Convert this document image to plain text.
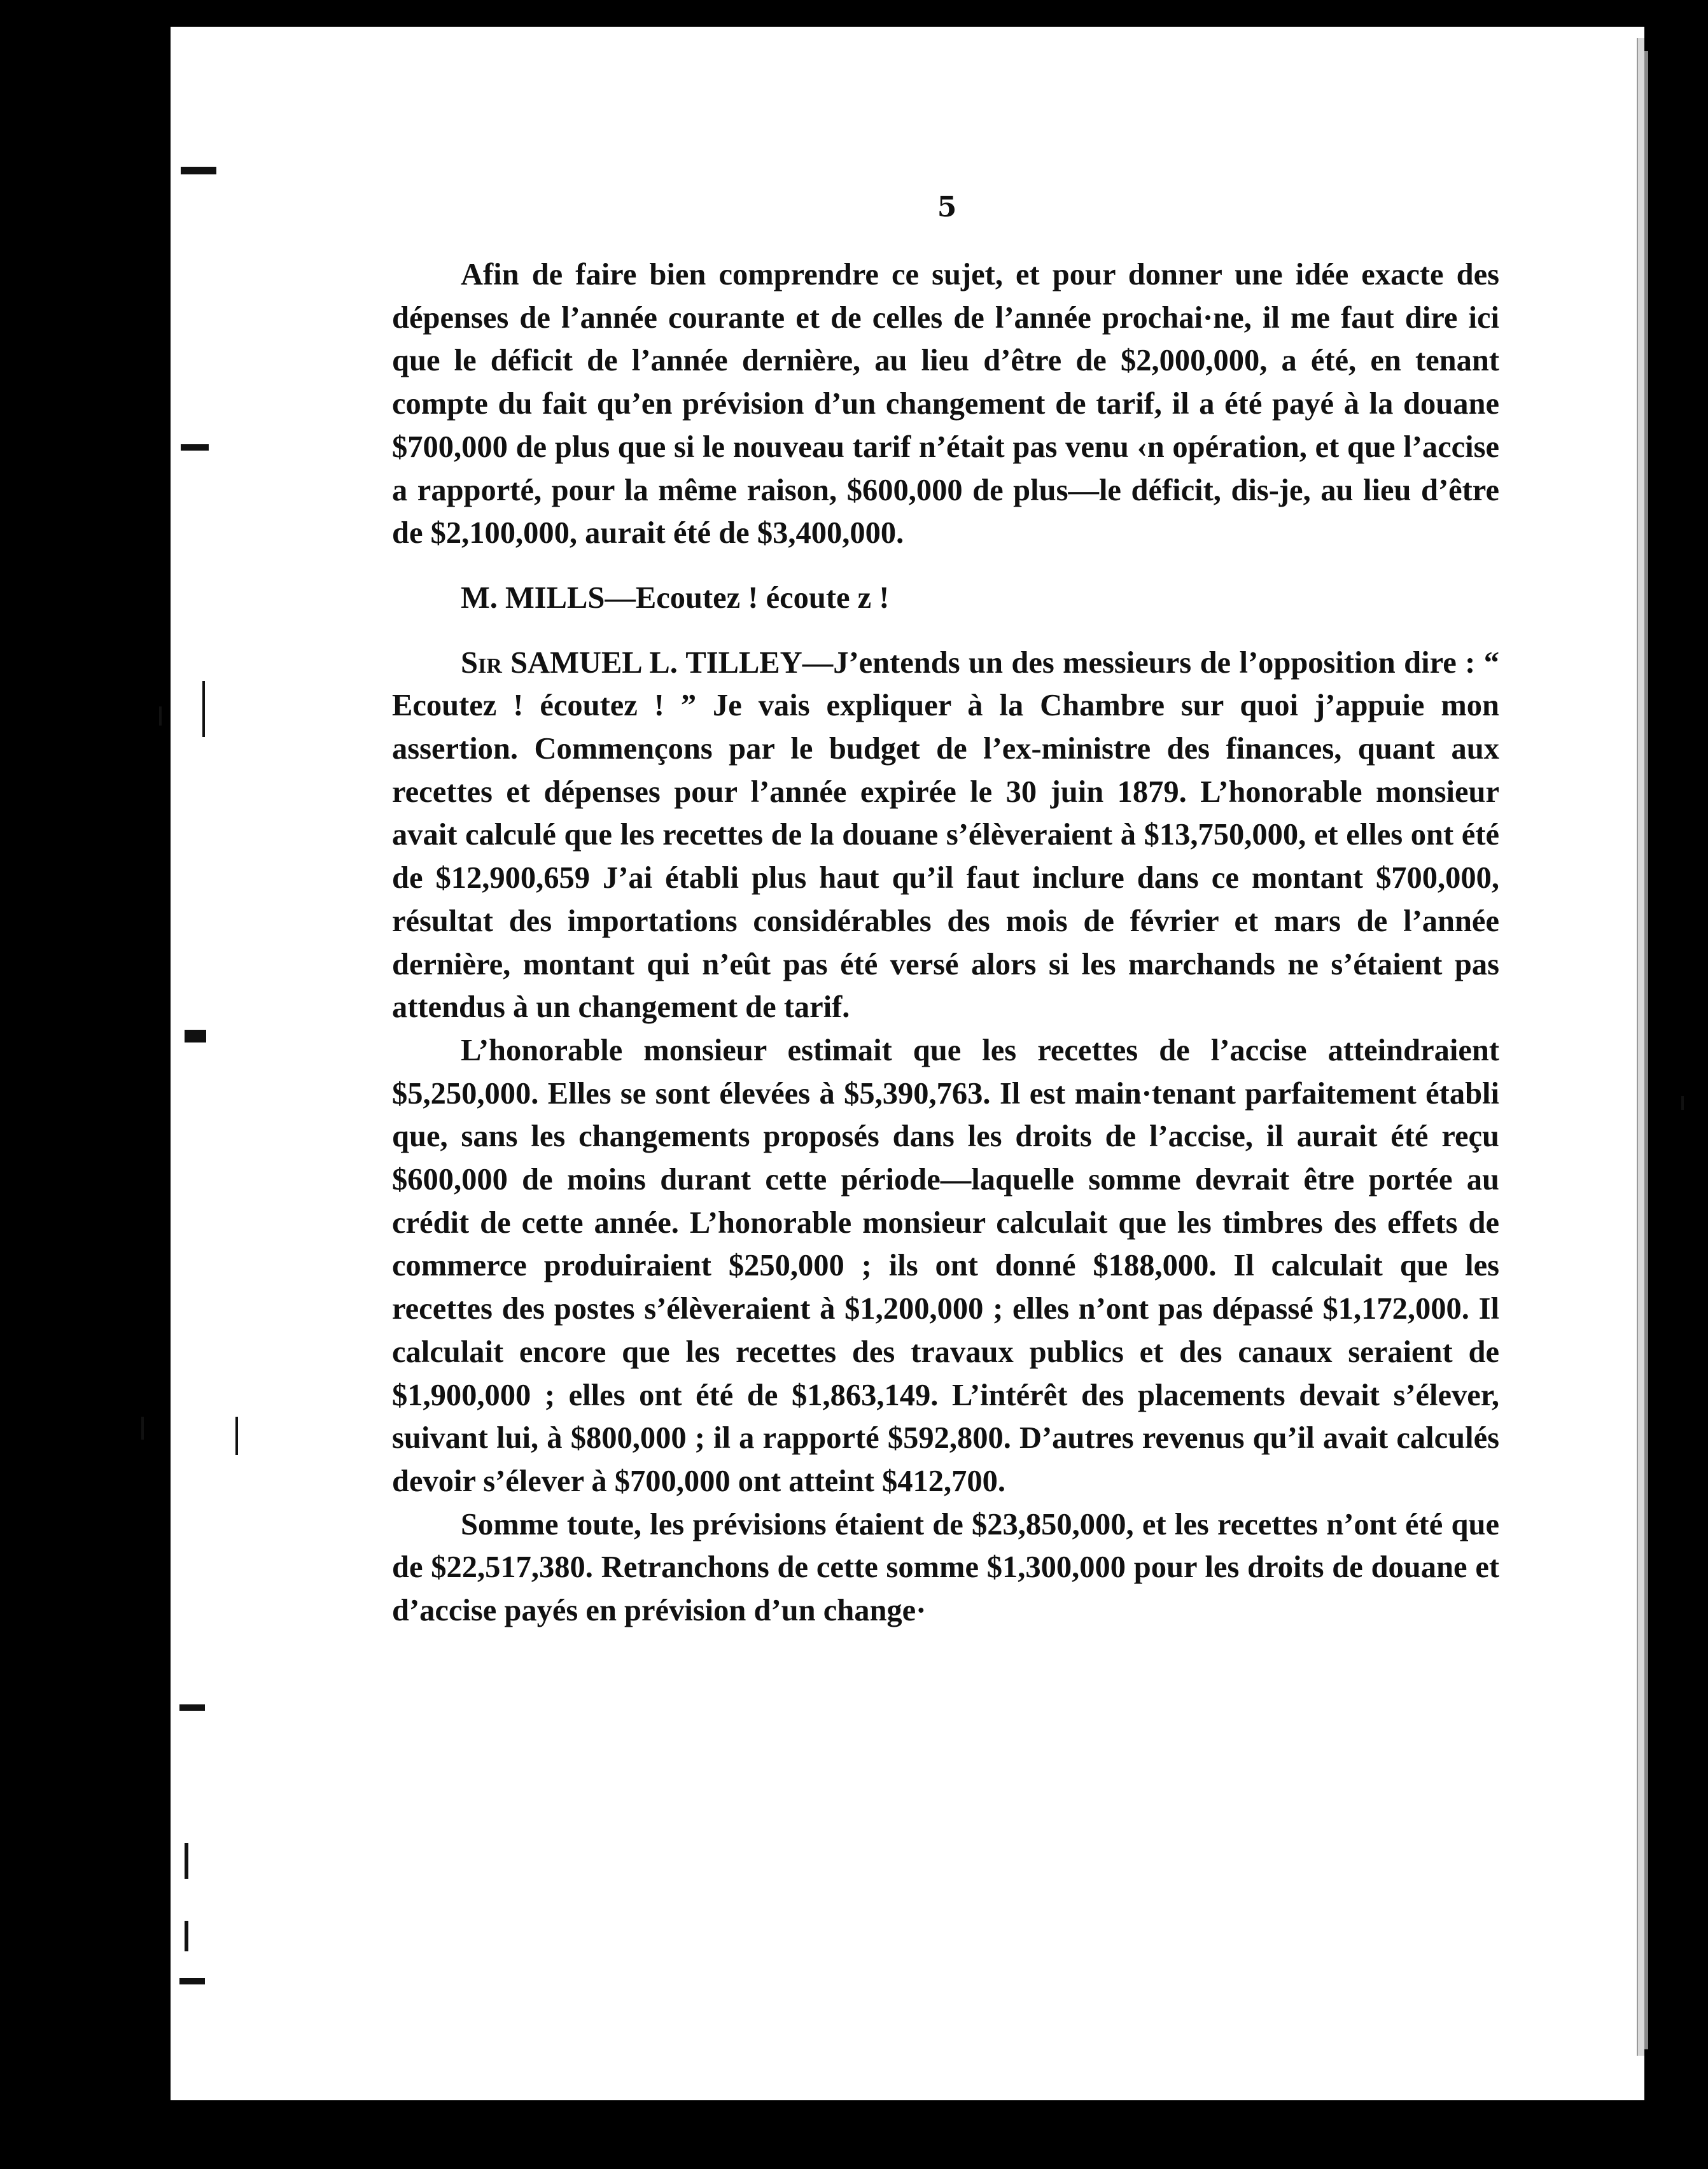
5

Afin de faire bien comprendre ce sujet, et pour donner une idée exacte des dépenses de l’année courante et de celles de l’année prochai·ne, il me faut dire ici que le déficit de l’année dernière, au lieu d’être de $2,000,000, a été, en tenant compte du fait qu’en prévision d’un changement de tarif, il a été payé à la douane $700,000 de plus que si le nouveau tarif n’était pas venu ‹n opération, et que l’accise a rapporté, pour la même raison, $600,000 de plus—le déficit, dis-je, au lieu d’être de $2,100,000, aurait été de $3,400,000.

M. MILLS—Ecoutez ! écoute z !

Sir SAMUEL L. TILLEY—J’entends un des messieurs de l’opposition dire : “ Ecoutez ! écoutez ! ” Je vais expliquer à la Chambre sur quoi j’appuie mon assertion. Commençons par le budget de l’ex-ministre des finances, quant aux recettes et dépenses pour l’année expirée le 30 juin 1879. L’honorable monsieur avait calculé que les recettes de la douane s’élèveraient à $13,750,000, et elles ont été de $12,900,659 J’ai établi plus haut qu’il faut inclure dans ce montant $700,000, résultat des importations considérables des mois de février et mars de l’année dernière, montant qui n’eût pas été versé alors si les marchands ne s’étaient pas attendus à un changement de tarif.

L’honorable monsieur estimait que les recettes de l’accise atteindraient $5,250,000. Elles se sont élevées à $5,390,763. Il est main·tenant parfaitement établi que, sans les changements proposés dans les droits de l’accise, il aurait été reçu $600,000 de moins durant cette période—laquelle somme devrait être portée au crédit de cette année. L’honorable monsieur calculait que les timbres des effets de commerce produiraient $250,000 ; ils ont donné $188,000. Il calculait que les recettes des postes s’élèveraient à $1,200,000 ; elles n’ont pas dépassé $1,172,000. Il calculait encore que les recettes des travaux publics et des canaux seraient de $1,900,000 ; elles ont été de $1,863,149. L’intérêt des placements devait s’élever, suivant lui, à $800,000 ; il a rapporté $592,800. D’autres revenus qu’il avait calculés devoir s’élever à $700,000 ont atteint $412,700.

Somme toute, les prévisions étaient de $23,850,000, et les recettes n’ont été que de $22,517,380. Retranchons de cette somme $1,300,000 pour les droits de douane et d’accise payés en prévision d’un change·
